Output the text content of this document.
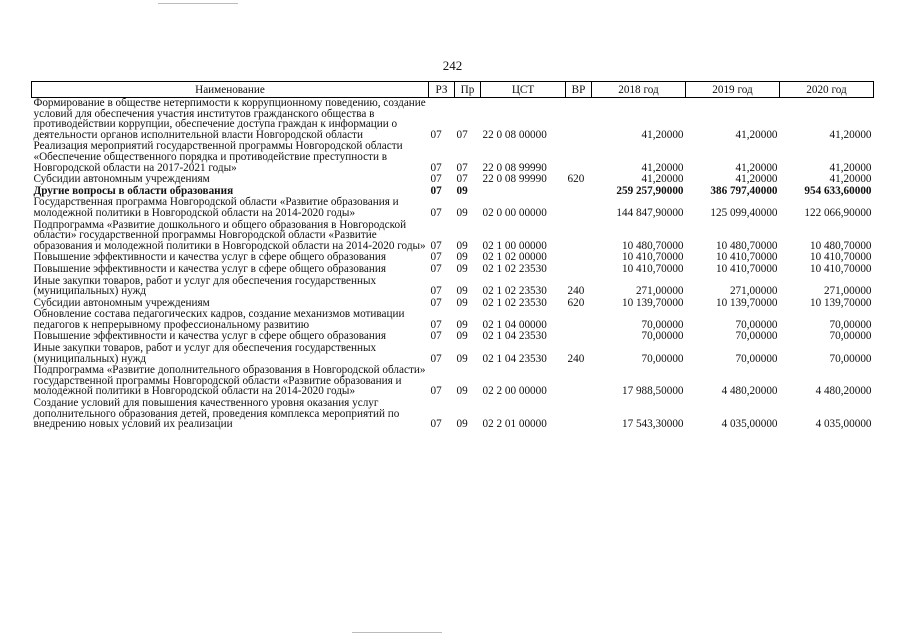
242
Наименование	РЗ	Пр	ЦСТ	ВР	2018 год	2019 год	2020 год
Формирование в обществе нетерпимости к коррупционному поведению, создание условий для обеспечения участия институтов гражданского общества в противодействии коррупции, обеспечение доступа граждан к информации о деятельности органов исполнительной власти Новгородской области	07	07	22 0 08 00000		41,20000	41,20000	41,20000
Реализация мероприятий государственной программы Новгородской области «Обеспечение общественного порядка и противодействие преступности в Новгородской области на 2017-2021 годы»	07	07	22 0 08 99990		41,20000	41,20000	41,20000
Субсидии автономным учреждениям	07	07	22 0 08 99990	620	41,20000	41,20000	41,20000
Другие вопросы в области образования	07	09			259 257,90000	386 797,40000	954 633,60000
Государственная программа Новгородской области «Развитие образования и молодежной политики в Новгородской области на 2014-2020 годы»	07	09	02 0 00 00000		144 847,90000	125 099,40000	122 066,90000
Подпрограмма «Развитие дошкольного и общего образования в Новгородской области» государственной программы Новгородской области «Развитие образования и молодежной политики в Новгородской области на 2014-2020 годы»	07	09	02 1 00 00000		10 480,70000	10 480,70000	10 480,70000
Повышение эффективности и качества услуг в сфере общего образования	07	09	02 1 02 00000		10 410,70000	10 410,70000	10 410,70000
Повышение эффективности и качества услуг в сфере общего образования	07	09	02 1 02 23530		10 410,70000	10 410,70000	10 410,70000
Иные закупки товаров, работ и услуг для обеспечения государственных (муниципальных) нужд	07	09	02 1 02 23530	240	271,00000	271,00000	271,00000
Субсидии автономным учреждениям	07	09	02 1 02 23530	620	10 139,70000	10 139,70000	10 139,70000
Обновление состава педагогических кадров, создание механизмов мотивации педагогов к непрерывному профессиональному развитию	07	09	02 1 04 00000		70,00000	70,00000	70,00000
Повышение эффективности и качества услуг в сфере общего образования	07	09	02 1 04 23530		70,00000	70,00000	70,00000
Иные закупки товаров, работ и услуг для обеспечения государственных (муниципальных) нужд	07	09	02 1 04 23530	240	70,00000	70,00000	70,00000
Подпрограмма «Развитие дополнительного образования в Новгородской области» государственной программы Новгородской области «Развитие образования и молодежной политики в Новгородской области на 2014-2020 годы»	07	09	02 2 00 00000		17 988,50000	4 480,20000	4 480,20000
Создание условий для повышения качественного уровня оказания услуг дополнительного образования детей, проведения комплекса мероприятий по внедрению новых условий их реализации	07	09	02 2 01 00000		17 543,30000	4 035,00000	4 035,00000
